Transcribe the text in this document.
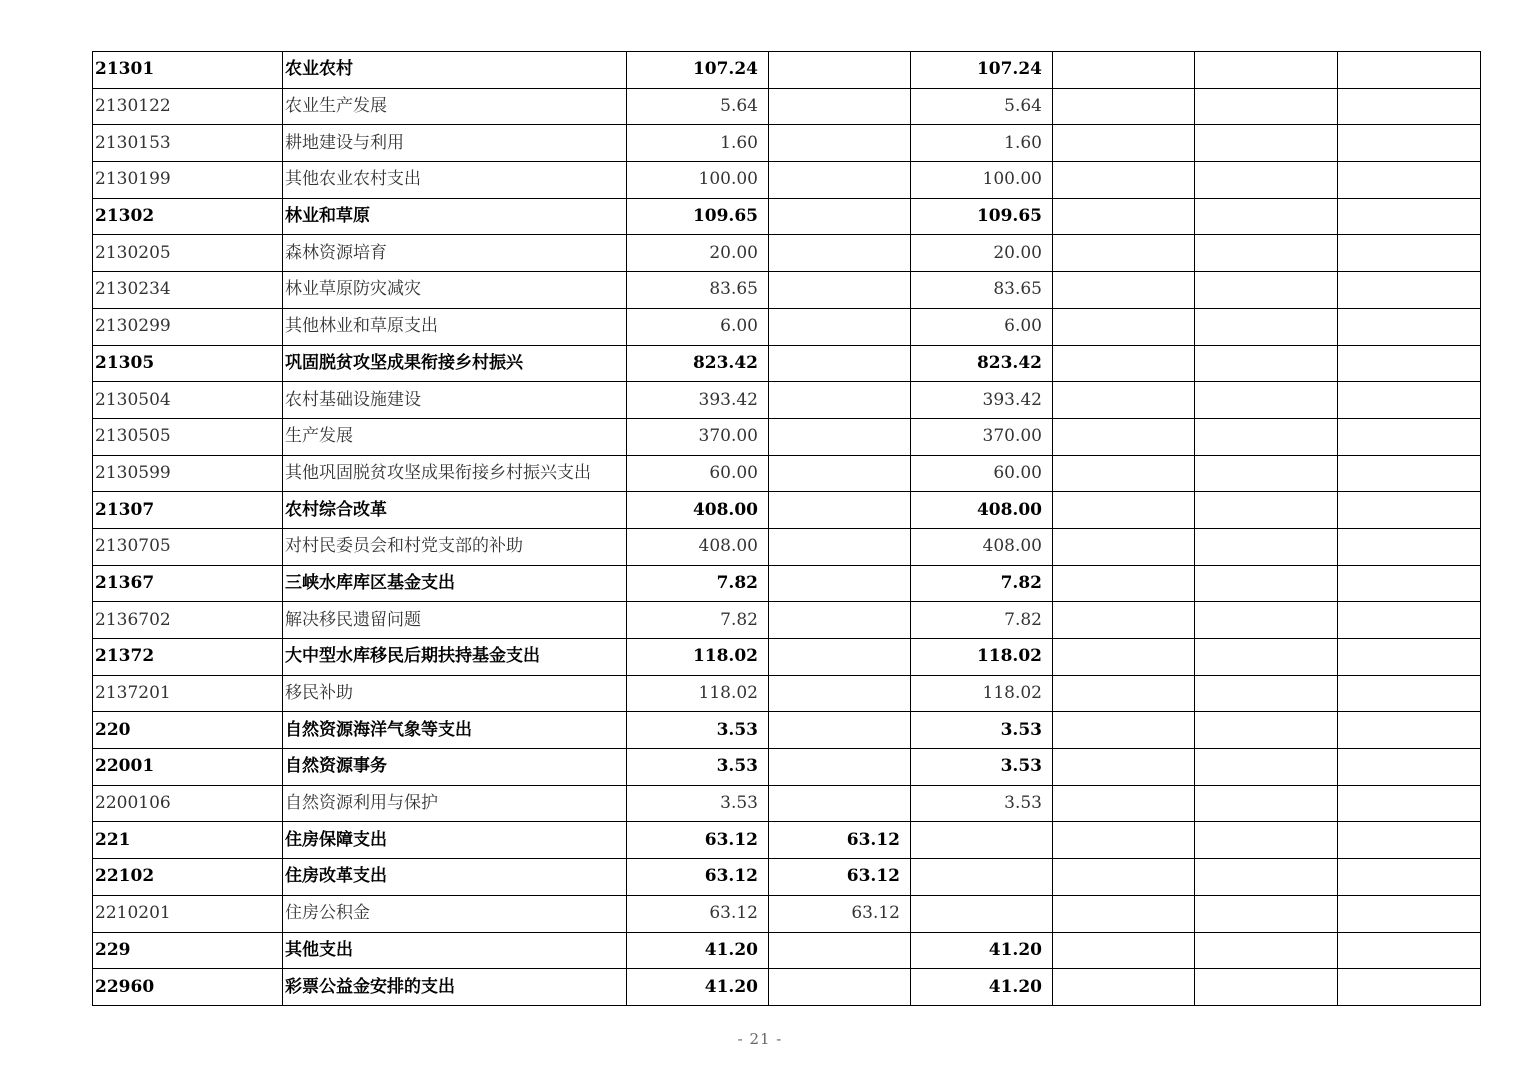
21301	农业农村	107.24		107.24			
2130122	农业生产发展	5.64		5.64			
2130153	耕地建设与利用	1.60		1.60			
2130199	其他农业农村支出	100.00		100.00			
21302	林业和草原	109.65		109.65			
2130205	森林资源培育	20.00		20.00			
2130234	林业草原防灾减灾	83.65		83.65			
2130299	其他林业和草原支出	6.00		6.00			
21305	巩固脱贫攻坚成果衔接乡村振兴	823.42		823.42			
2130504	农村基础设施建设	393.42		393.42			
2130505	生产发展	370.00		370.00			
2130599	其他巩固脱贫攻坚成果衔接乡村振兴支出	60.00		60.00			
21307	农村综合改革	408.00		408.00			
2130705	对村民委员会和村党支部的补助	408.00		408.00			
21367	三峡水库库区基金支出	7.82		7.82			
2136702	解决移民遗留问题	7.82		7.82			
21372	大中型水库移民后期扶持基金支出	118.02		118.02			
2137201	移民补助	118.02		118.02			
220	自然资源海洋气象等支出	3.53		3.53			
22001	自然资源事务	3.53		3.53			
2200106	自然资源利用与保护	3.53		3.53			
221	住房保障支出	63.12	63.12				
22102	住房改革支出	63.12	63.12				
2210201	住房公积金	63.12	63.12				
229	其他支出	41.20		41.20			
22960	彩票公益金安排的支出	41.20		41.20			
- 21 -
